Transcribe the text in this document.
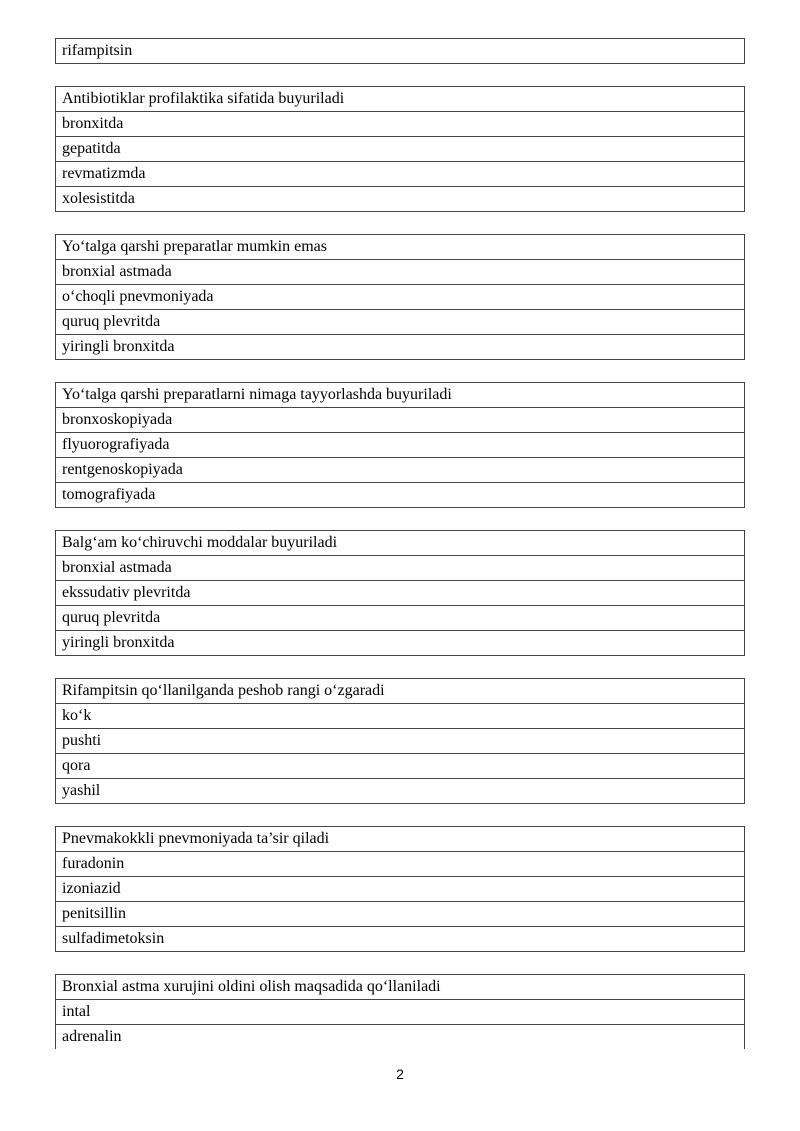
rifampitsin
Antibiotiklar profilaktika sifatida buyuriladi
bronxitda
gepatitda
revmatizmda
xolesistitda
Yo‘talga qarshi preparatlar mumkin emas
bronxial astmada
o‘choqli pnevmoniyada
quruq plevritda
yiringli bronxitda
Yo‘talga qarshi preparatlarni nimaga tayyorlashda buyuriladi
bronxoskopiyada
flyuorografiyada
rentgenoskopiyada
tomografiyada
Balg‘am ko‘chiruvchi moddalar buyuriladi
bronxial astmada
ekssudativ plevritda
quruq plevritda
yiringli bronxitda
Rifampitsin qo‘llanilganda peshob rangi o‘zgaradi
ko‘k
pushti
qora
yashil
Pnevmakokkli pnevmoniyada ta’sir qiladi
furadonin
izoniazid
penitsillin
sulfadimetoksin
Bronxial astma xurujini oldini olish maqsadida qo‘llaniladi
intal
adrenalin
2
